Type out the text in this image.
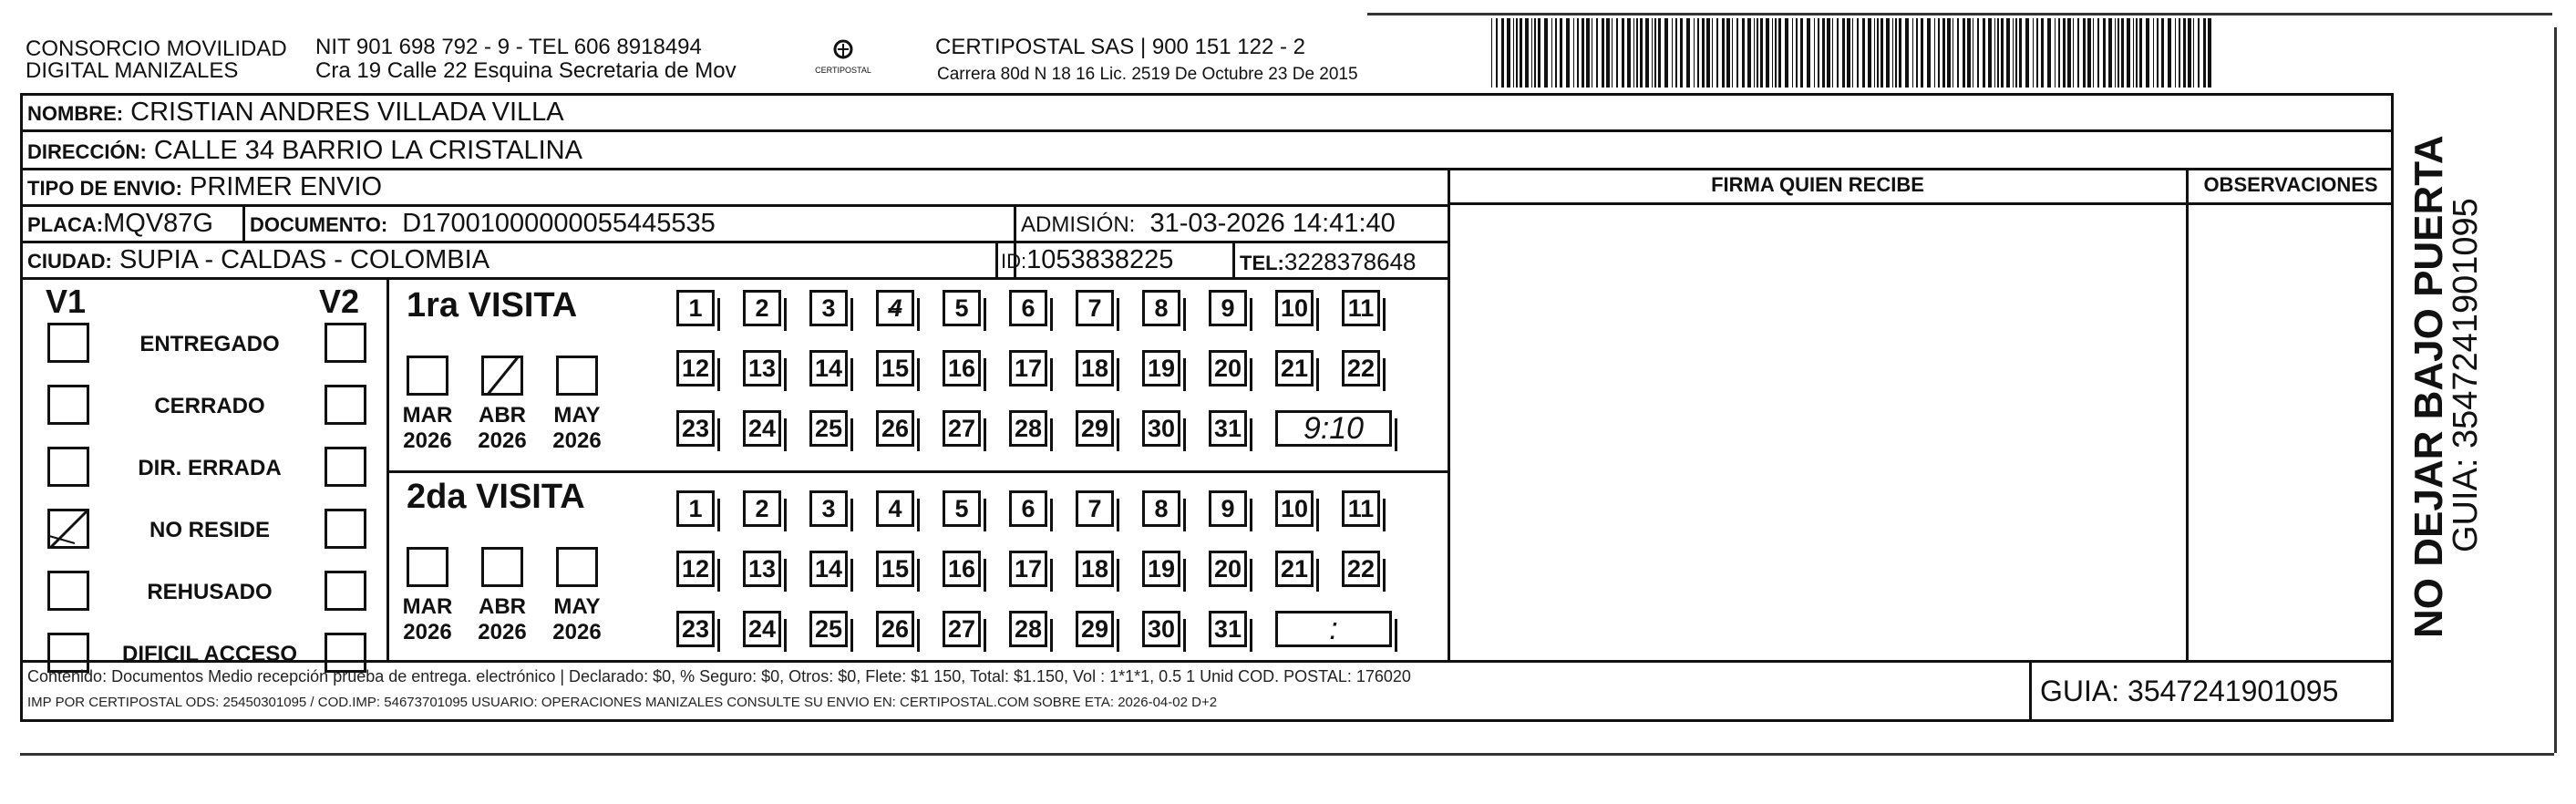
CONSORCIO MOVILIDAD
DIGITAL MANIZALES
NIT 901 698 792 - 9 - TEL 606 8918494
Cra 19 Calle 22 Esquina Secretaria de Mov	CERTIPOSTAL
CERTIPOSTAL SAS | 900 151 122 - 2
Carrera 80d N 18 16 Lic. 2519 De Octubre 23 De 2015
NOMBRE: CRISTIAN ANDRES VILLADA VILLA
DIRECCIÓN: CALLE 34 BARRIO LA CRISTALINA
TIPO DE ENVIO: PRIMER ENVIO
PLACA:MQV87G DOCUMENTO: D17001000000055445535	ADMISIÓN: 31-03-2026 14:41:40
CIUDAD: SUPIA - CALDAS - COLOMBIA	ID:1053838225	TEL:3228378648
FIRMA QUIEN RECIBE	OBSERVACIONES
V1	V2
ENTREGADO
CERRADO
DIR. ERRADA
NO RESIDE
REHUSADO
DIFICIL ACCESO
1ra VISITA
MAR
2026
ABR
2026
MAY
2026
1	2	3	4	5	6	7	8	9	10 11
12 13 14 15 16 17 18 19 20 21 22
23 24 25 26 27 28 29 30 31	9:10
2da VISITA
MAR
2026
ABR
2026
MAY
2026
1	2	3	4	5	6	7	8	9	10 11
12 13 14 15 16 17 18 19 20 21 22
23 24 25 26 27 28 29 30 31	:
Contenido: Documentos Medio recepción prueba de entrega. electrónico | Declarado: $0, % Seguro: $0, Otros: $0, Flete: $1 150, Total: $1.150, Vol : 1*1*1, 0.5 1 Unid COD. POSTAL: 176020
IMP POR CERTIPOSTAL ODS: 25450301095 / COD.IMP: 54673701095 USUARIO: OPERACIONES MANIZALES CONSULTE SU ENVIO EN: CERTIPOSTAL.COM SOBRE ETA: 2026-04-02 D+2	GUIA: 3547241901095
NO DEJAR BAJO PUERTA
GUIA: 3547241901095
